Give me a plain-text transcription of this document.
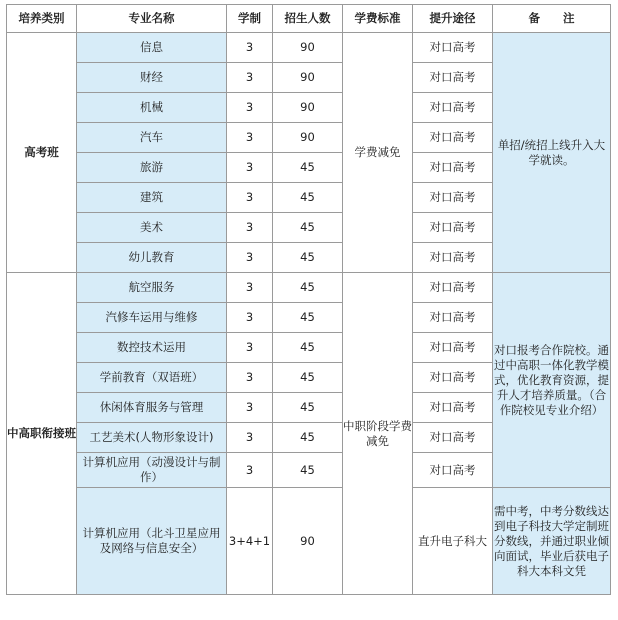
培养类别	专业名称	学制	招生人数	学费标准	提升途径	备　　注
高考班	信息	3	90	学费减免	对口高考	单招/统招上线升入大学就读。
	财经	3	90		对口高考	
	机械	3	90		对口高考	
	汽车	3	90		对口高考	
	旅游	3	45		对口高考	
	建筑	3	45		对口高考	
	美术	3	45		对口高考	
	幼儿教育	3	45		对口高考	
中高职衔接班	航空服务	3	45	中职阶段学费减免	对口高考	对口报考合作院校。通过中高职一体化教学模式，优化教育资源，提升人才培养质量。（合作院校见专业介绍）
	汽修车运用与维修	3	45		对口高考	
	数控技术运用	3	45		对口高考	
	学前教育（双语班）	3	45		对口高考	
	休闲体育服务与管理	3	45		对口高考	
	工艺美术(人物形象设计)	3	45		对口高考	
	计算机应用（动漫设计与制作）	3	45		对口高考	
	计算机应用（北斗卫星应用及网络与信息安全）	3+4+1	90		直升电子科大	需中考，中考分数线达到电子科技大学定制班分数线，并通过职业倾向面试，毕业后获电子科大本科文凭
